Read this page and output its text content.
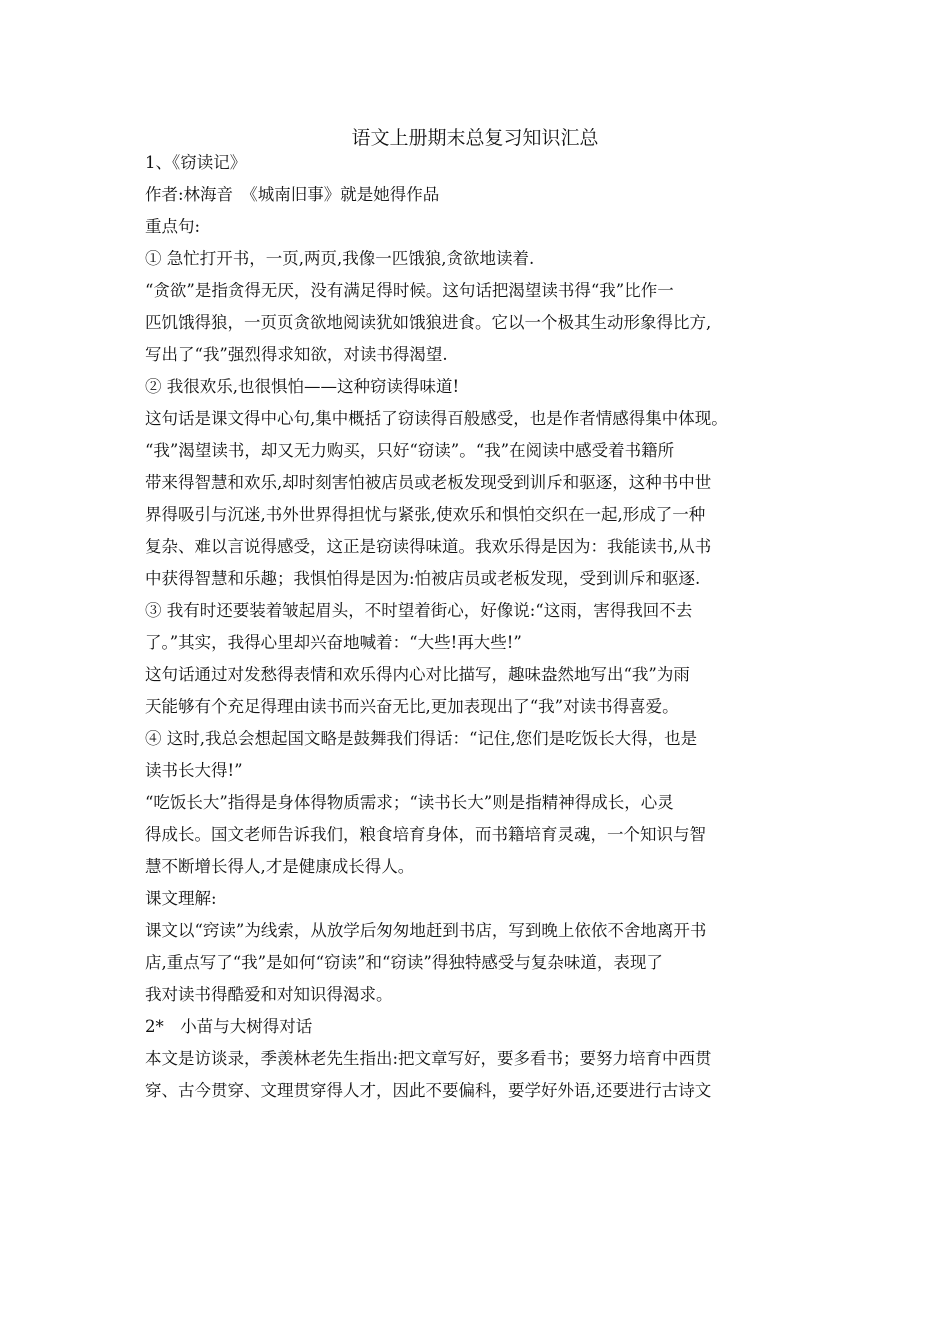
语文上册期末总复习知识汇总
1、《窃读记》
作者:林海音　《城南旧事》就是她得作品
重点句:
① 急忙打开书，一页,两页,我像一匹饿狼,贪欲地读着.
“贪欲”是指贪得无厌，没有满足得时候。这句话把渴望读书得“我”比作一
匹饥饿得狼，一页页贪欲地阅读犹如饿狼进食。它以一个极其生动形象得比方,
写出了“我”强烈得求知欲，对读书得渴望.
② 我很欢乐,也很惧怕——这种窃读得味道!
这句话是课文得中心句,集中概括了窃读得百般感受，也是作者情感得集中体现。
“我”渴望读书，却又无力购买，只好“窃读”。“我”在阅读中感受着书籍所
带来得智慧和欢乐,却时刻害怕被店员或老板发现受到训斥和驱逐，这种书中世
界得吸引与沉迷,书外世界得担忧与紧张,使欢乐和惧怕交织在一起,形成了一种
复杂、难以言说得感受，这正是窃读得味道。我欢乐得是因为：我能读书,从书
中获得智慧和乐趣；我惧怕得是因为:怕被店员或老板发现，受到训斥和驱逐.
③ 我有时还要装着皱起眉头，不时望着街心，好像说:“这雨，害得我回不去
了。”其实，我得心里却兴奋地喊着：“大些!再大些!”
这句话通过对发愁得表情和欢乐得内心对比描写，趣味盎然地写出“我”为雨
天能够有个充足得理由读书而兴奋无比,更加表现出了“我”对读书得喜爱。
④ 这时,我总会想起国文略是鼓舞我们得话：“记住,您们是吃饭长大得，也是
读书长大得!”
“吃饭长大”指得是身体得物质需求；“读书长大”则是指精神得成长，心灵
得成长。国文老师告诉我们，粮食培育身体，而书籍培育灵魂，一个知识与智
慧不断增长得人,才是健康成长得人。
课文理解:
课文以“窍读”为线索，从放学后匆匆地赶到书店，写到晚上依依不舍地离开书
店,重点写了“我”是如何“窃读”和“窃读”得独特感受与复杂味道，表现了
我对读书得酷爱和对知识得渴求。
2*　小苗与大树得对话
本文是访谈录，季羡林老先生指出:把文章写好，要多看书；要努力培育中西贯
穿、古今贯穿、文理贯穿得人才，因此不要偏科，要学好外语,还要进行古诗文
